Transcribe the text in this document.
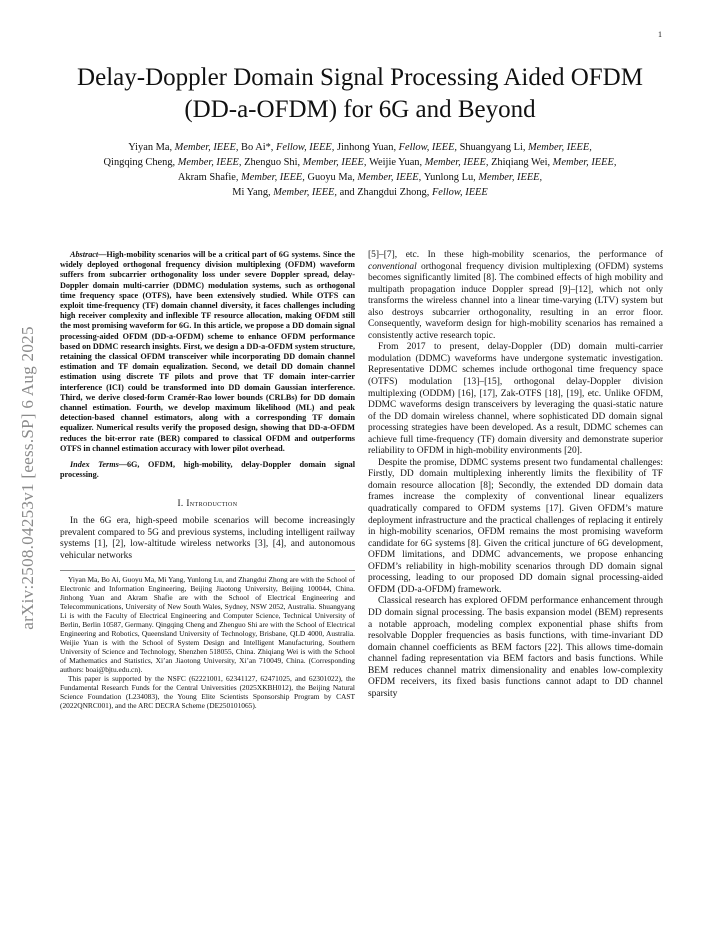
1
arXiv:2508.04253v1 [eess.SP] 6 Aug 2025
Delay-Doppler Domain Signal Processing Aided OFDM (DD-a-OFDM) for 6G and Beyond
Yiyan Ma, Member, IEEE, Bo Ai*, Fellow, IEEE, Jinhong Yuan, Fellow, IEEE, Shuangyang Li, Member, IEEE,
Qingqing Cheng, Member, IEEE, Zhenguo Shi, Member, IEEE, Weijie Yuan, Member, IEEE, Zhiqiang Wei, Member, IEEE,
Akram Shafie, Member, IEEE, Guoyu Ma, Member, IEEE, Yunlong Lu, Member, IEEE,
Mi Yang, Member, IEEE, and Zhangdui Zhong, Fellow, IEEE

Abstract—High-mobility scenarios will be a critical part of 6G systems. Since the widely deployed orthogonal frequency division multiplexing (OFDM) waveform suffers from subcarrier orthogonality loss under severe Doppler spread, delay-Doppler domain multi-carrier (DDMC) modulation systems, such as orthogonal time frequency space (OTFS), have been extensively studied. While OTFS can exploit time-frequency (TF) domain channel diversity, it faces challenges including high receiver complexity and inflexible TF resource allocation, making OFDM still the most promising waveform for 6G. In this article, we propose a DD domain signal processing-aided OFDM (DD-a-OFDM) scheme to enhance OFDM performance based on DDMC research insights. First, we design a DD-a-OFDM system structure, retaining the classical OFDM transceiver while incorporating DD domain channel estimation and TF domain equalization. Second, we detail DD domain channel estimation using discrete TF pilots and prove that TF domain inter-carrier interference (ICI) could be transformed into DD domain Gaussian interference. Third, we derive closed-form Cramér-Rao lower bounds (CRLBs) for DD domain channel estimation. Fourth, we develop maximum likelihood (ML) and peak detection-based channel estimators, along with a corresponding TF domain equalizer. Numerical results verify the proposed design, showing that DD-a-OFDM reduces the bit-error rate (BER) compared to classical OFDM and outperforms OTFS in channel estimation accuracy with lower pilot overhead.

Index Terms—6G, OFDM, high-mobility, delay-Doppler domain signal processing.

I. Introduction

In the 6G era, high-speed mobile scenarios will become increasingly prevalent compared to 5G and previous systems, including intelligent railway systems [1], [2], low-altitude wireless networks [3], [4], and autonomous vehicular networks

Yiyan Ma, Bo Ai, Guoyu Ma, Mi Yang, Yunlong Lu, and Zhangdui Zhong are with the School of Electronic and Information Engineering, Beijing Jiaotong University, Beijing 100044, China. Jinhong Yuan and Akram Shafie are with the School of Electrical Engineering and Telecommunications, University of New South Wales, Sydney, NSW 2052, Australia. Shuangyang Li is with the Faculty of Electrical Engineering and Computer Science, Technical University of Berlin, Berlin 10587, Germany. Qingqing Cheng and Zhenguo Shi are with the School of Electrical Engineering and Robotics, Queensland University of Technology, Brisbane, QLD 4000, Australia. Weijie Yuan is with the School of System Design and Intelligent Manufacturing, Southern University of Science and Technology, Shenzhen 518055, China. Zhiqiang Wei is with the School of Mathematics and Statistics, Xi’an Jiaotong University, Xi’an 710049, China. (Corresponding authors: boai@bjtu.edu.cn).

This paper is supported by the NSFC (62221001, 62341127, 62471025, and 62301022), the Fundamental Research Funds for the Central Universities (2025XKBH012), the Beijing Natural Science Foundation (L234083), the Young Elite Scientists Sponsorship Program by CAST (2022QNRC001), and the ARC DECRA Scheme (DE250101065).

[5]–[7], etc. In these high-mobility scenarios, the performance of conventional orthogonal frequency division multiplexing (OFDM) systems becomes significantly limited [8]. The combined effects of high mobility and multipath propagation induce Doppler spread [9]–[12], which not only transforms the wireless channel into a linear time-varying (LTV) system but also destroys subcarrier orthogonality, resulting in an error floor. Consequently, waveform design for high-mobility scenarios has remained a consistently active research topic.

From 2017 to present, delay-Doppler (DD) domain multi-carrier modulation (DDMC) waveforms have undergone systematic investigation. Representative DDMC schemes include orthogonal time frequency space (OTFS) modulation [13]–[15], orthogonal delay-Doppler division multiplexing (ODDM) [16], [17], Zak-OTFS [18], [19], etc. Unlike OFDM, DDMC waveforms design transceivers by leveraging the quasi-static nature of the DD domain wireless channel, where sophisticated DD domain signal processing strategies have been developed. As a result, DDMC schemes can achieve full time-frequency (TF) domain diversity and demonstrate superior reliability to OFDM in high-mobility environments [20].

Despite the promise, DDMC systems present two fundamental challenges: Firstly, DD domain multiplexing inherently limits the flexibility of TF domain resource allocation [8]; Secondly, the extended DD domain data frames increase the complexity of conventional linear equalizers quadratically compared to OFDM systems [17]. Given OFDM’s mature deployment infrastructure and the practical challenges of replacing it entirely in high-mobility scenarios, OFDM remains the most promising waveform candidate for 6G systems [8]. Given the critical juncture of 6G development, OFDM limitations, and DDMC advancements, we propose enhancing OFDM’s reliability in high-mobility scenarios through DD domain signal processing, leading to our proposed DD domain signal processing-aided OFDM (DD-a-OFDM) framework.

Classical research has explored OFDM performance enhancement through DD domain signal processing. The basis expansion model (BEM) represents a notable approach, modeling complex exponential phase shifts from resolvable Doppler frequencies as basis functions, with time-invariant DD domain channel coefficients as BEM factors [22]. This allows time-domain channel fading representation via BEM factors and basis functions. While BEM reduces channel matrix dimensionality and enables low-complexity OFDM receivers, its fixed basis functions cannot adapt to DD channel sparsity
